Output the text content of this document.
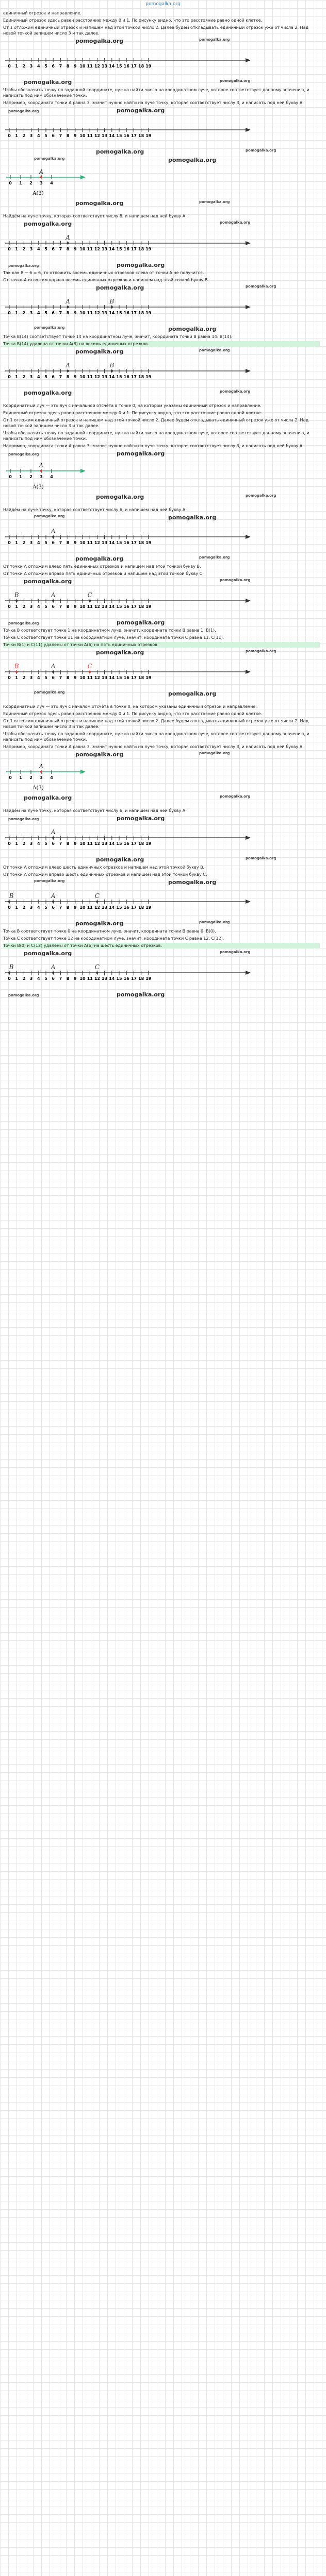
pomogalka.org

единичный отрезок и направление.

Единичный отрезок здесь равен расстоянию между 0 и 1. По рисунку видно, что это расстояние равно одной клетке.

От 1 отложим единичный отрезок и напишем над этой точкой число 2. Далее будем откладывать единичный отрезок уже от числа 2. Над новой точкой запишем число 3 и так далее.

pomogalka.org	pomogalka.org
0 1 2 3 4 5 6 7 8 9 10 11 12 13 14 15 16 17 18 19
pomogalka.org	pomogalka.org

Чтобы обозначить точку по заданной координате, нужно найти число на координатном луче, которое соответствует данному значению, и написать под ним обозначение точки.

Например, координата точки A равна 3, значит нужно найти на луче точку, которая соответствует числу 3, и написать под ней букву A.

pomogalka.org
pomogalka.org
0 1 2 3 4 5 6 7 8 9 10 11 12 13 14 15 16 17 18 19
pomogalka.org	pomogalka.org
pomogalka.org
pomogalka.org
0 1 2 3 4
A
A(3)
pomogalka.org	pomogalka.org

Найдём на луче точку, которая соответствует числу 8, и напишем над ней букву A.

pomogalka.org	pomogalka.org
0 1 2 3 4 5 6 7 8 9 10 11 12 13 14 15 16 17 18 19
A
pomogalka.org
pomogalka.org

Так как 8 − 6 = 6, то отложить восемь единичных отрезков слева от точки A не получится.

От точки A отложим вправо восемь единичных отрезков и напишем над этой точкой букву B.

pomogalka.org	pomogalka.org
0 1 2 3 4 5 6 7 8 9 10 11 12 13 14 15 16 17 18 19
A	B
pomogalka.org
pomogalka.org

Точка B(14) соответствует точке 14 на координатном луче, значит, координата точки B равна 14: B(14).

Точка B(14) удалена от точки A(8) на восемь единичных отрезков.

pomogalka.org	pomogalka.org
0 1 2 3 4 5 6 7 8 9 10 11 12 13 14 15 16 17 18 19
A	B
pomogalka.org	pomogalka.org

Координатный луч — это луч с начальной отсчёта в точке 0, на котором указаны единичный отрезок и направление.

Единичный отрезок здесь равен расстоянию между 0 и 1. По рисунку видно, что это расстояние равно одной клетке.

От 1 отложим единичный отрезок и напишем над этой точкой число 2. Далее будем откладывать единичный отрезок уже от числа 2. Над новой точкой запишем число 3 и так далее.

Чтобы обозначить точку по заданной координате, нужно найти число на координатном луче, которое соответствует данному значению, и написать под ним обозначение точки.

Например, координата точки A равна 3, значит нужно найти на луче точку, которая соответствует числу 3, и написать под ней букву A.

pomogalka.org
pomogalka.org
0 1 2 3 4
A
A(3)
pomogalka.org	pomogalka.org

Найдём на луче точку, которая соответствует числу 6, и напишем над ней букву A.

pomogalka.org
pomogalka.org
0 1 2 3 4 5 6 7 8 9 10 11 12 13 14 15 16 17 18 19
A
pomogalka.org	pomogalka.org

От точки A отложим влево пять единичных отрезков и напишем над этой точкой букву B.

От точки A отложим вправо пять единичных отрезков и напишем над этой точкой букву C.

pomogalka.org	pomogalka.org
0 1 2 3 4 5 6 7 8 9 10 11 12 13 14 15 16 17 18 19
B	A	C
pomogalka.org
pomogalka.org

Точка B соответствует точке 1 на координатном луче, значит, координата точки B равна 1: B(1).

Точка C соответствует точке 11 на координатном луче, значит, координата точки C равна 11: C(11).

Точки B(1) и C(11) удалены от точки A(6) на пять единичных отрезков.

pomogalka.org	pomogalka.org
0 1 2 3 4 5 6 7 8 9 10 11 12 13 14 15 16 17 18 19
B	A	C
pomogalka.org
pomogalka.org

Координатный луч — это луч с началом отсчёта в точке 0, на котором указаны единичный отрезок и направление.

Единичный отрезок здесь равен расстоянию между 0 и 1. По рисунку видно, что это расстояние равно одной клетке.

От 1 отложим единичный отрезок и напишем над этой точкой число 2. Далее будем откладывать единичный отрезок уже от числа 2. Над новой точкой запишем число 3 и так далее.

Чтобы обозначить точку по заданной координате, нужно найти число на координатном луче, которое соответствует данному значению, и написать под ним обозначение точки.

Например, координата точки A равна 3, значит нужно найти на луче точку, которая соответствует числу 3, и написать под ней букву A.

pomogalka.org	pomogalka.org
0 1 2 3 4
A
A(3)
pomogalka.org	pomogalka.org

Найдём на луче точку, которая соответствует числу 6, и напишем над ней букву A.

pomogalka.org
pomogalka.org
0 1 2 3 4 5 6 7 8 9 10 11 12 13 14 15 16 17 18 19
A
pomogalka.org	pomogalka.org

От точки A отложим влево шесть единичных отрезков и напишем над этой точкой букву B.

От точки A отложим вправо шесть единичных отрезков и напишем над этой точкой букву C.

pomogalka.org
pomogalka.org
0 1 2 3 4 5 6 7 8 9 10 11 12 13 14 15 16 17 18 19
B	A	C
pomogalka.org	pomogalka.org

Точка B соответствует точке 0 на координатном луче, значит, координата точки B равна 0: B(0).

Точка C соответствует точке 12 на координатном луче, значит, координата точки C равна 12: C(12).

Точки B(0) и C(12) удалены от точки A(6) на шесть единичных отрезков.

pomogalka.org	pomogalka.org
0 1 2 3 4 5 6 7 8 9 10 11 12 13 14 15 16 17 18 19
B	A	C
pomogalka.org
pomogalka.org
